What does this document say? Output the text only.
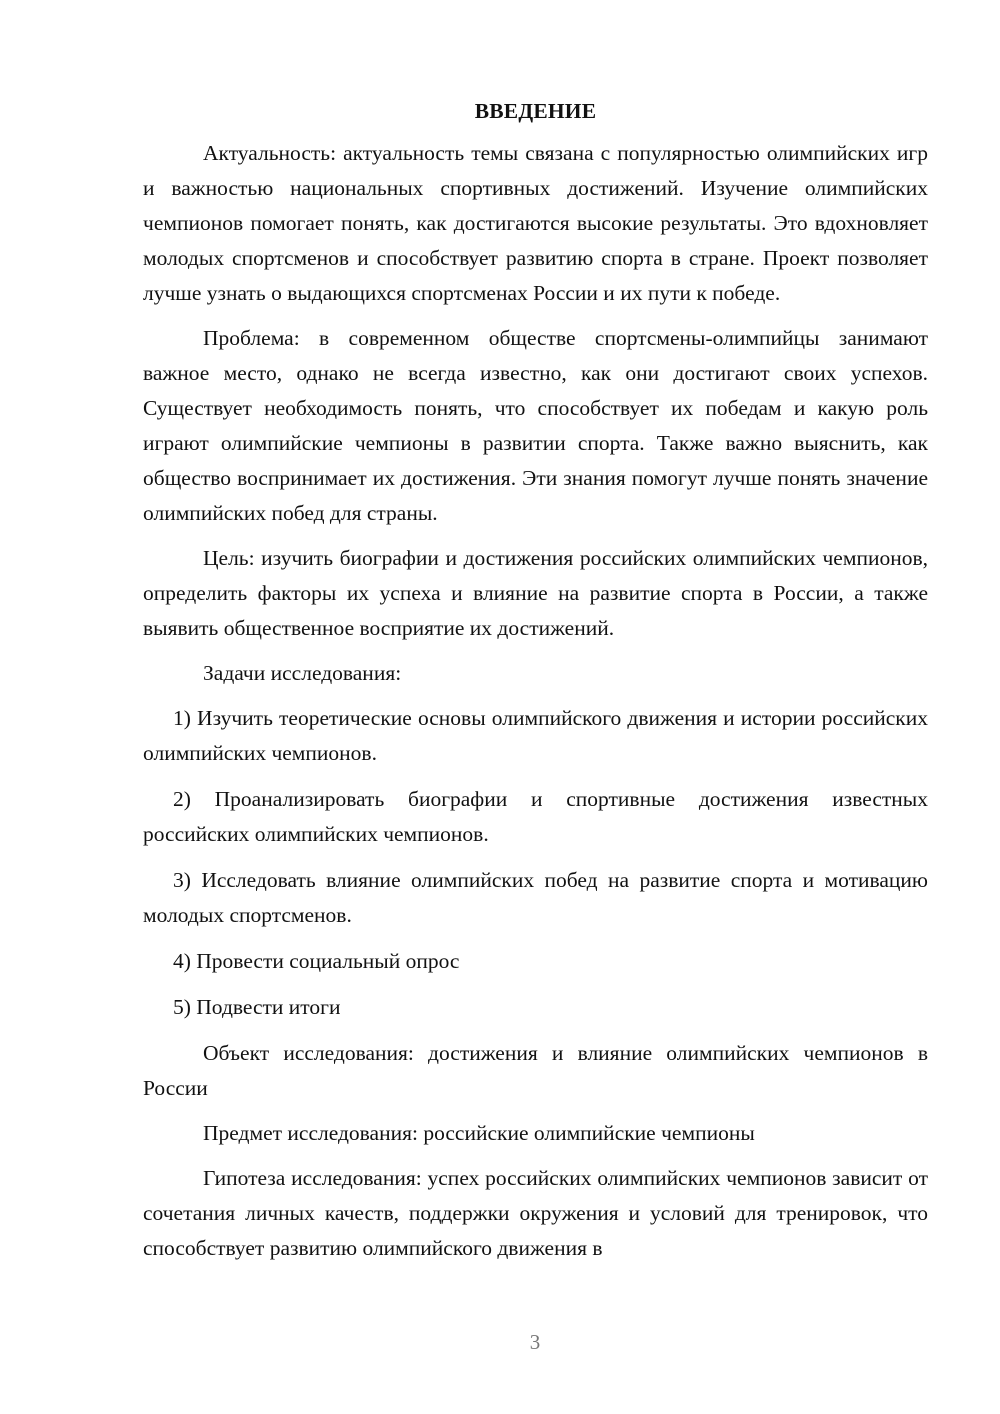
ВВЕДЕНИЕ

Актуальность: актуальность темы связана с популярностью олимпийских игр и важностью национальных спортивных достижений. Изучение олимпийских чемпионов помогает понять, как достигаются высокие результаты. Это вдохновляет молодых спортсменов и способствует развитию спорта в стране. Проект позволяет лучше узнать о выдающихся спортсменах России и их пути к победе.

Проблема: в современном обществе спортсмены-олимпийцы занимают важное место, однако не всегда известно, как они достигают своих успехов. Существует необходимость понять, что способствует их победам и какую роль играют олимпийские чемпионы в развитии спорта. Также важно выяснить, как общество воспринимает их достижения. Эти знания помогут лучше понять значение олимпийских побед для страны.

Цель: изучить биографии и достижения российских олимпийских чемпионов, определить факторы их успеха и влияние на развитие спорта в России, а также выявить общественное восприятие их достижений.

Задачи исследования:

1) Изучить теоретические основы олимпийского движения и истории российских олимпийских чемпионов.

2) Проанализировать биографии и спортивные достижения известных российских олимпийских чемпионов.

3) Исследовать влияние олимпийских побед на развитие спорта и мотивацию молодых спортсменов.

4) Провести социальный опрос

5) Подвести итоги

Объект исследования: достижения и влияние олимпийских чемпионов в России

Предмет исследования: российские олимпийские чемпионы

Гипотеза исследования: успех российских олимпийских чемпионов зависит от сочетания личных качеств, поддержки окружения и условий для тренировок, что способствует развитию олимпийского движения в

3
